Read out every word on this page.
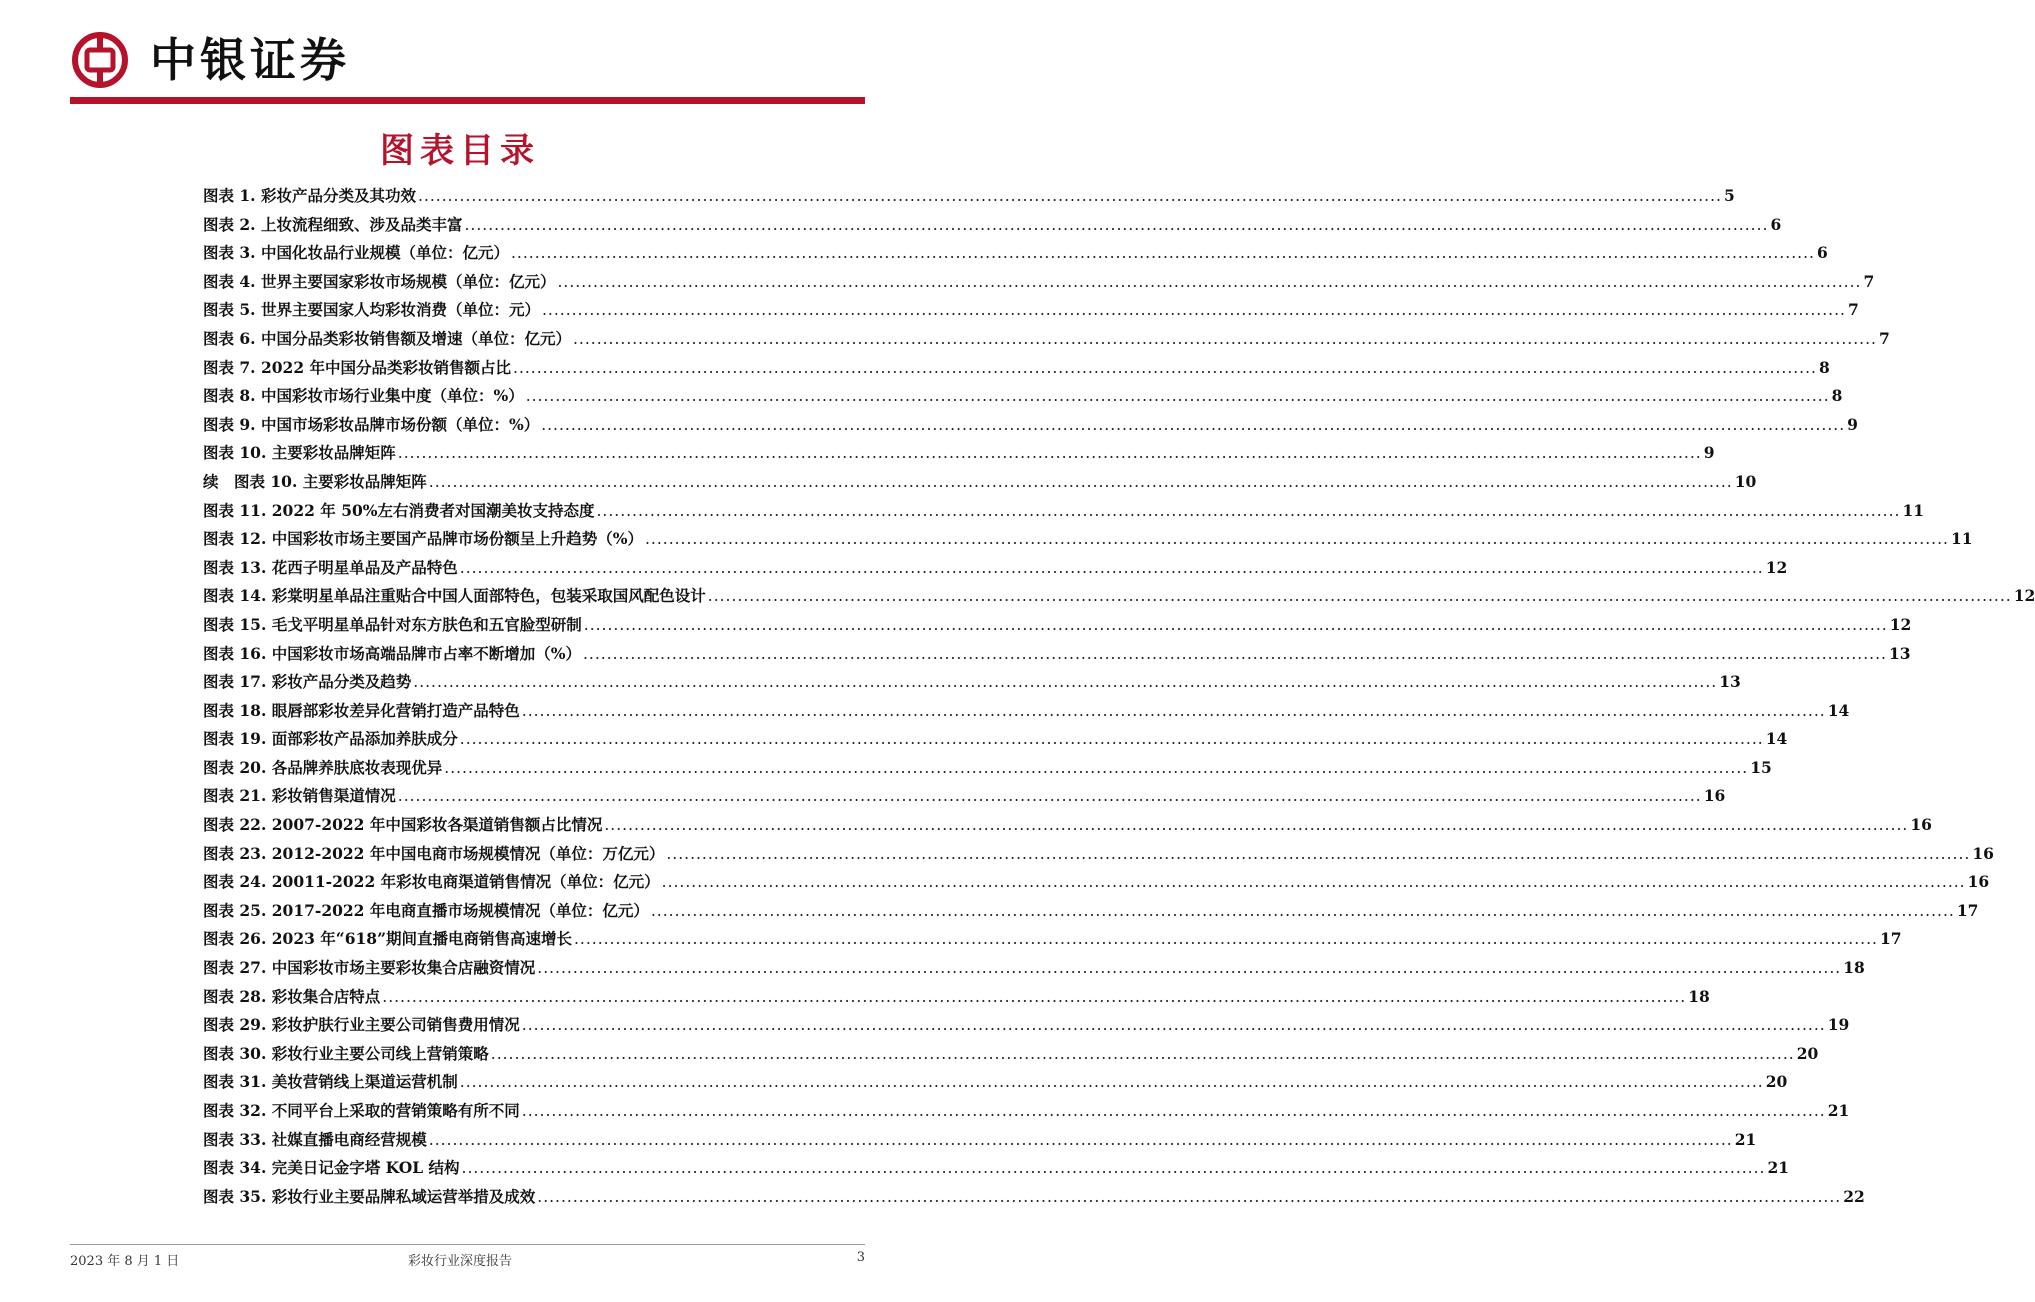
中银证券
图表目录
图表 1. 彩妆产品分类及其功效 ............................................................................................................................................................................................................................ 5
图表 2. 上妆流程细致、涉及品类丰富 ............................................................................................................................................................................................................................ 6
图表 3. 中国化妆品行业规模（单位：亿元） ............................................................................................................................................................................................................................ 6
图表 4. 世界主要国家彩妆市场规模（单位：亿元） ............................................................................................................................................................................................................................ 7
图表 5. 世界主要国家人均彩妆消费（单位：元） ............................................................................................................................................................................................................................ 7
图表 6. 中国分品类彩妆销售额及增速（单位：亿元） ............................................................................................................................................................................................................................ 7
图表 7. 2022 年中国分品类彩妆销售额占比 ............................................................................................................................................................................................................................ 8
图表 8. 中国彩妆市场行业集中度（单位：%） ............................................................................................................................................................................................................................ 8
图表 9. 中国市场彩妆品牌市场份额（单位：%） ............................................................................................................................................................................................................................ 9
图表 10. 主要彩妆品牌矩阵 ............................................................................................................................................................................................................................ 9
续　图表 10. 主要彩妆品牌矩阵 ............................................................................................................................................................................................................................ 10
图表 11. 2022 年 50%左右消费者对国潮美妆支持态度 ............................................................................................................................................................................................................................ 11
图表 12. 中国彩妆市场主要国产品牌市场份额呈上升趋势（%） ............................................................................................................................................................................................................................ 11
图表 13. 花西子明星单品及产品特色 ............................................................................................................................................................................................................................ 12
图表 14. 彩棠明星单品注重贴合中国人面部特色，包装采取国风配色设计 ............................................................................................................................................................................................................................ 12
图表 15. 毛戈平明星单品针对东方肤色和五官脸型研制 ............................................................................................................................................................................................................................ 12
图表 16. 中国彩妆市场高端品牌市占率不断增加（%） ............................................................................................................................................................................................................................ 13
图表 17. 彩妆产品分类及趋势 ............................................................................................................................................................................................................................ 13
图表 18. 眼唇部彩妆差异化营销打造产品特色 ............................................................................................................................................................................................................................ 14
图表 19. 面部彩妆产品添加养肤成分 ............................................................................................................................................................................................................................ 14
图表 20. 各品牌养肤底妆表现优异 ............................................................................................................................................................................................................................ 15
图表 21. 彩妆销售渠道情况 ............................................................................................................................................................................................................................ 16
图表 22. 2007-2022 年中国彩妆各渠道销售额占比情况 ............................................................................................................................................................................................................................ 16
图表 23. 2012-2022 年中国电商市场规模情况（单位：万亿元） ............................................................................................................................................................................................................................ 16
图表 24. 20011-2022 年彩妆电商渠道销售情况（单位：亿元） ............................................................................................................................................................................................................................ 16
图表 25. 2017-2022 年电商直播市场规模情况（单位：亿元） ............................................................................................................................................................................................................................ 17
图表 26. 2023 年“618”期间直播电商销售高速增长 ............................................................................................................................................................................................................................ 17
图表 27. 中国彩妆市场主要彩妆集合店融资情况 ............................................................................................................................................................................................................................ 18
图表 28. 彩妆集合店特点 ............................................................................................................................................................................................................................ 18
图表 29. 彩妆护肤行业主要公司销售费用情况 ............................................................................................................................................................................................................................ 19
图表 30. 彩妆行业主要公司线上营销策略 ............................................................................................................................................................................................................................ 20
图表 31. 美妆营销线上渠道运营机制 ............................................................................................................................................................................................................................ 20
图表 32. 不同平台上采取的营销策略有所不同 ............................................................................................................................................................................................................................ 21
图表 33. 社媒直播电商经营规模 ............................................................................................................................................................................................................................ 21
图表 34. 完美日记金字塔 KOL 结构 ............................................................................................................................................................................................................................ 21
图表 35. 彩妆行业主要品牌私域运营举措及成效 ............................................................................................................................................................................................................................ 22
2023 年 8 月 1 日	彩妆行业深度报告	3
